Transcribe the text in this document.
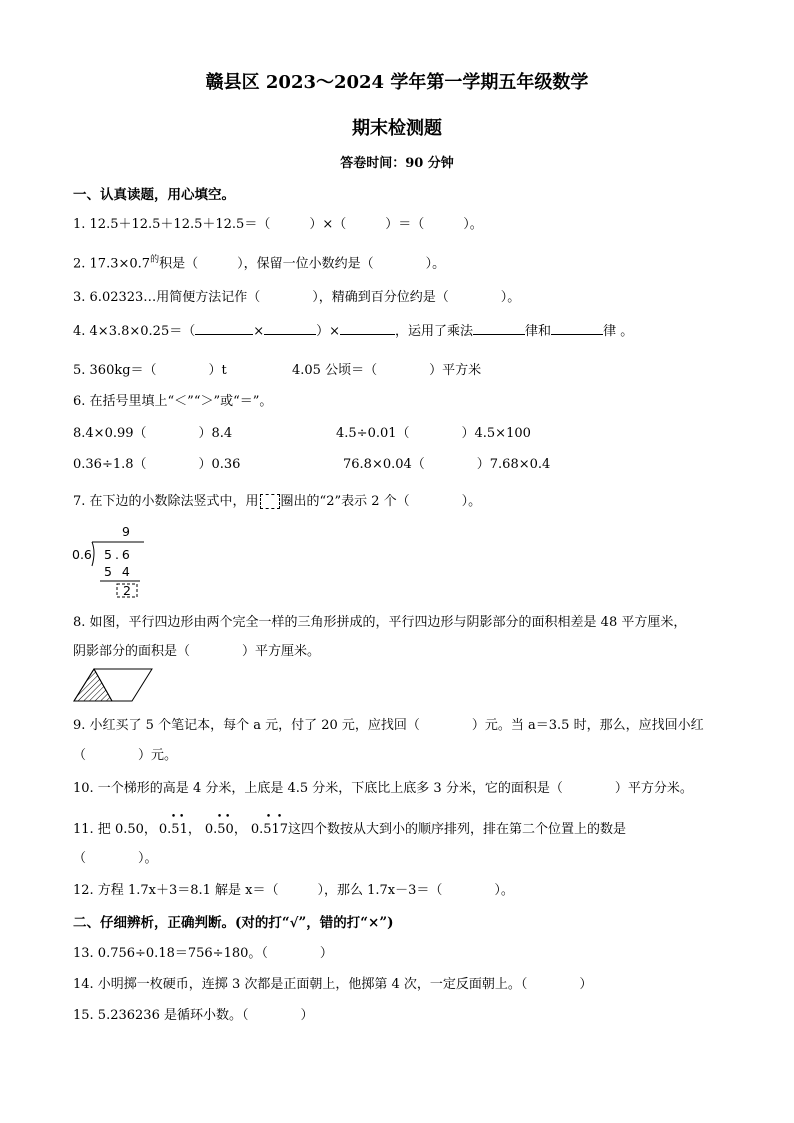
赣县区 2023～2024 学年第一学期五年级数学
期末检测题
答卷时间：90 分钟
一、认真读题，用心填空。
1. 12.5＋12.5＋12.5＋12.5＝（　　　）×（　　　）＝（　　　）。
2. $17.3\times 0.7^的$积是（　　　），保留一位小数约是（　　　　）。
3. 6.02323…用简便方法记作（　　　　），精确到百分位约是（　　　　）。
4. 4×3.8×0.25＝（	×	）×	，运用了乘法	律和	律 。
5. 360kg＝（　　　　）t	4.05 公顷＝（　　　　）平方米
6. 在括号里填上“＜”“＞”或“＝”。
8.4×0.99（　　　　）8.4	4.5÷0.01（　　　　）4.5×100
0.36÷1.8（　　　　）0.36	76.8×0.04（　　　　）7.68×0.4
7. 在下边的小数除法竖式中，用 圈出的“2”表示 2 个（　　　　）。
9
0.6 5.6
5 4
2
8. 如图，平行四边形由两个完全一样的三角形拼成的，平行四边形与阴影部分的面积相差是 48 平方厘米，
阴影部分的面积是（　　　　）平方厘米。
9. 小红买了 5 个笔记本，每个 a 元，付了 20 元，应找回（　　　　）元。当 a＝3.5 时，那么，应找回小红
（　　　　）元。
10. 一个梯形的高是 4 分米，上底是 4.5 分米，下底比上底多 3 分米，它的面积是（　　　　）平方分米。
11. 把 0.50，
• •
0.51，
• •
0.50，
•  •
0.517这四个数按从大到小的顺序排列，排在第二个位置上的数是
（　　　　）。
12. 方程 1.7x＋3＝8.1 解是 x＝（　　　），那么 1.7x－3＝（　　　　）。
二、仔细辨析，正确判断。(对的打“√”，错的打“×”)
13. 0.756÷0.18＝756÷180。（　　　　）
14. 小明掷一枚硬币，连掷 3 次都是正面朝上，他掷第 4 次，一定反面朝上。（　　　　）
15. 5.236236 是循环小数。（　　　　）
